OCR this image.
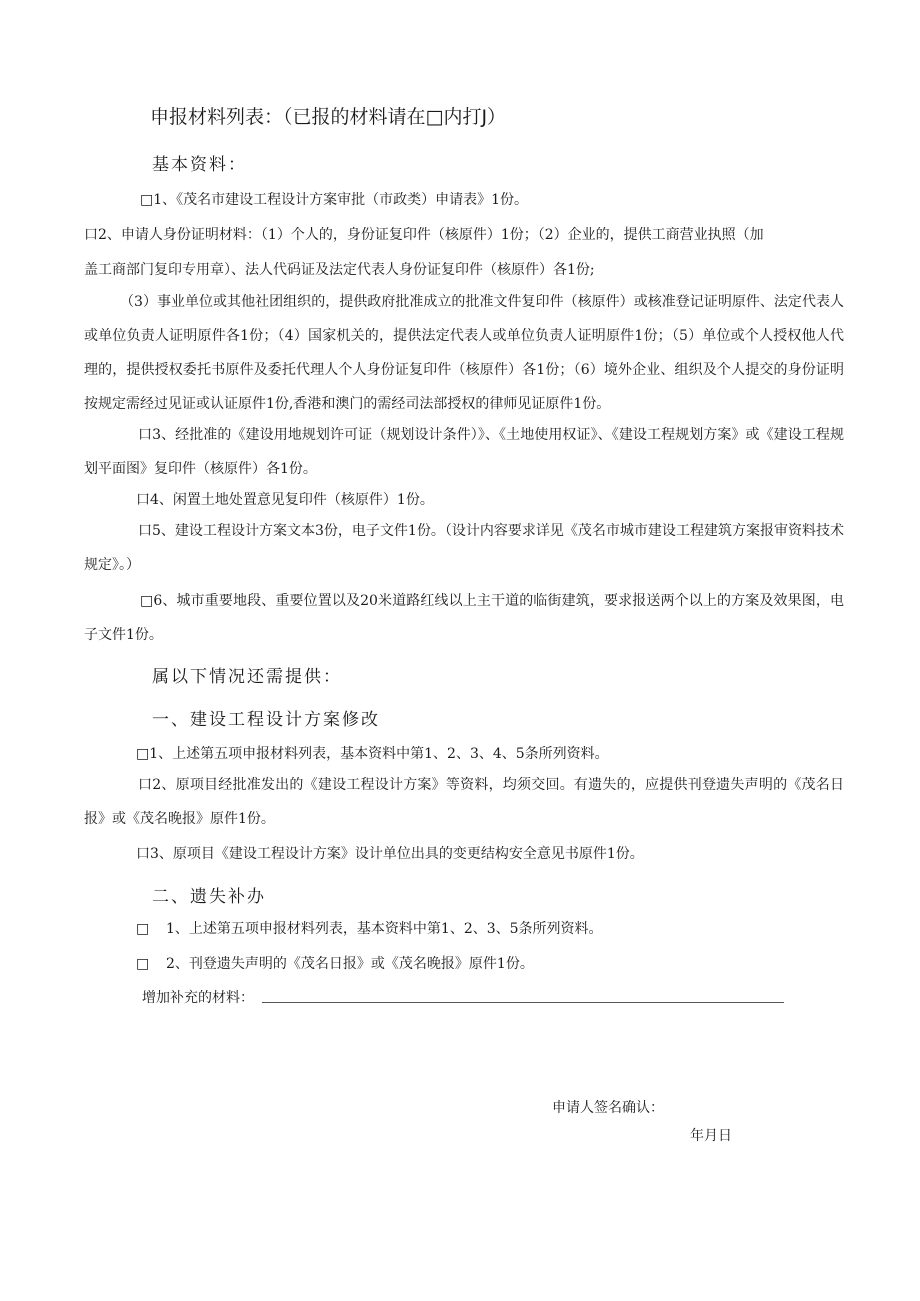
申报材料列表：（已报的材料请在□内打J）
基本资料：
□1、《茂名市建设工程设计方案审批（市政类）申请表》1份。
口2、申请人身份证明材料：（1）个人的，身份证复印件（核原件）1份；（2）企业的，提供工商营业执照（加
盖工商部门复印专用章）、法人代码证及法定代表人身份证复印件（核原件）各1份;

（3）事业单位或其他社团组织的，提供政府批准成立的批准文件复印件（核原件）或核准登记证明原件、法定代表人或单位负责人证明原件各1份；（4）国家机关的，提供法定代表人或单位负责人证明原件1份；（5）单位或个人授权他人代理的，提供授权委托书原件及委托代理人个人身份证复印件（核原件）各1份；（6）境外企业、组织及个人提交的身份证明按规定需经过见证或认证原件1份,香港和澳门的需经司法部授权的律师见证原件1份。

口3、经批准的《建设用地规划许可证（规划设计条件）》、《土地使用权证》、《建设工程规划方案》或《建设工程规划平面图》复印件（核原件）各1份。

口4、闲置土地处置意见复印件（核原件）1份。

口5、建设工程设计方案文本3份，电子文件1份。（设计内容要求详见《茂名市城市建设工程建筑方案报审资料技术规定》。）

□6、城市重要地段、重要位置以及20米道路红线以上主干道的临街建筑，要求报送两个以上的方案及效果图，电子文件1份。

属以下情况还需提供：
一、建设工程设计方案修改
□1、上述第五项申报材料列表，基本资料中第1、2、3、4、5条所列资料。

口2、原项目经批准发出的《建设工程设计方案》等资料，均须交回。有遗失的，应提供刊登遗失声明的《茂名日报》或《茂名晚报》原件1份。

口3、原项目《建设工程设计方案》设计单位出具的变更结构安全意见书原件1份。
二、遗失补办
□ 1、上述第五项申报材料列表，基本资料中第1、2、3、5条所列资料。
□ 2、刊登遗失声明的《茂名日报》或《茂名晚报》原件1份。
增加补充的材料：
申请人签名确认：
年月日
